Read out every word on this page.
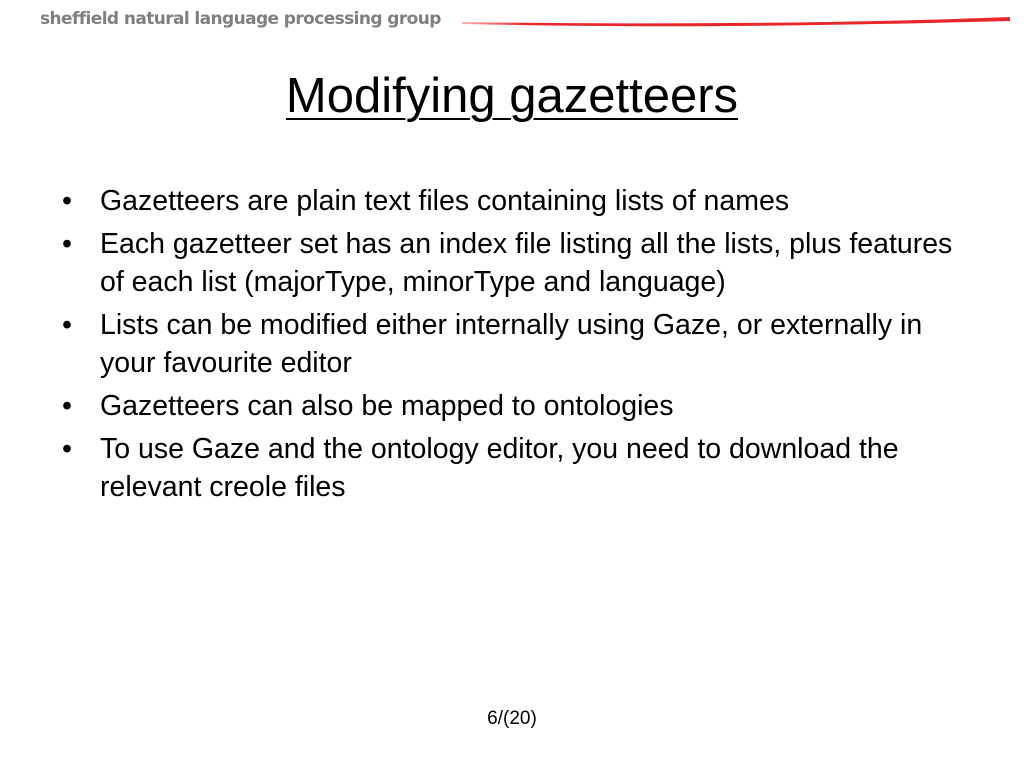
sheffield natural language processing group
Modifying gazetteers
• Gazetteers are plain text files containing lists of names
• Each gazetteer set has an index file listing all the lists, plus features of each list (majorType, minorType and language)
• Lists can be modified either internally using Gaze, or externally in your favourite editor
• Gazetteers can also be mapped to ontologies
• To use Gaze and the ontology editor, you need to download the relevant creole files
6/(20)
